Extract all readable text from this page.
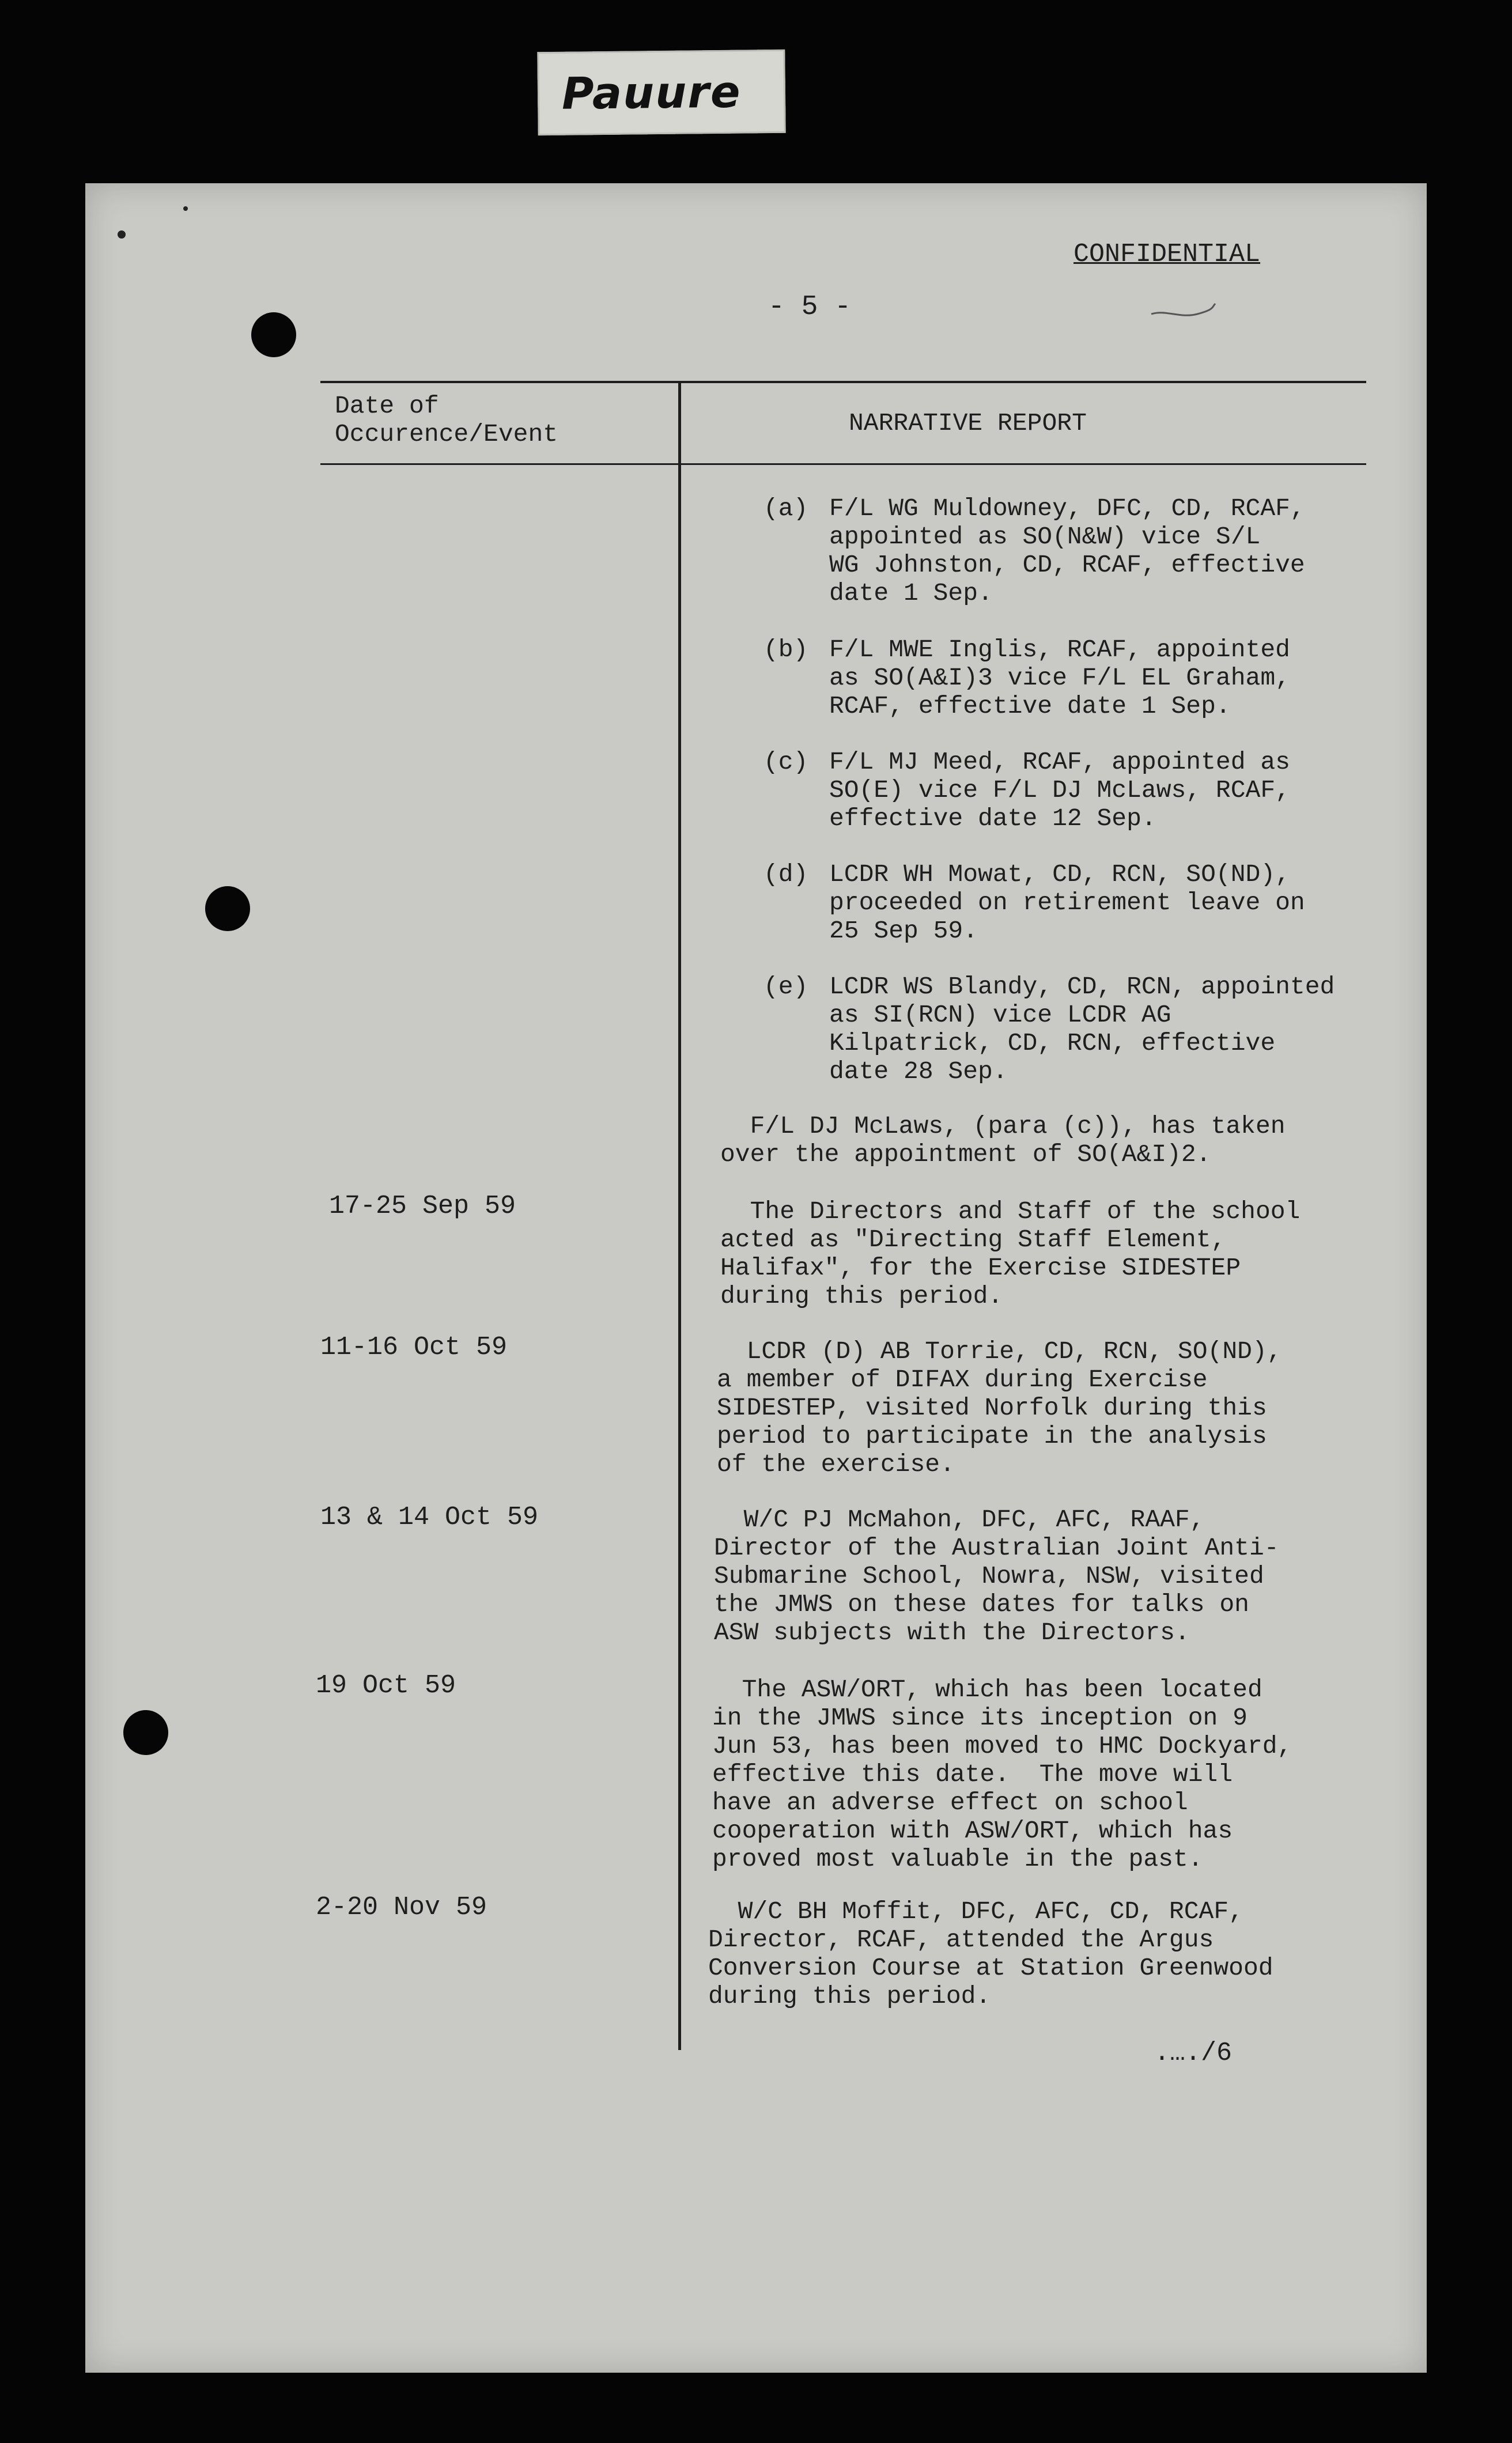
Pauure
CONFIDENTIAL
- 5 -
Date of
Occurence/Event	NARRATIVE REPORT
(a) F/L WG Muldowney, DFC, CD, RCAF,
appointed as SO(N&W) vice S/L
WG Johnston, CD, RCAF, effective
date 1 Sep.
(b) F/L MWE Inglis, RCAF, appointed
as SO(A&I)3 vice F/L EL Graham,
RCAF, effective date 1 Sep.
(c) F/L MJ Meed, RCAF, appointed as
SO(E) vice F/L DJ McLaws, RCAF,
effective date 12 Sep.
(d) LCDR WH Mowat, CD, RCN, SO(ND),
proceeded on retirement leave on
25 Sep 59.
(e) LCDR WS Blandy, CD, RCN, appointed
as SI(RCN) vice LCDR AG
Kilpatrick, CD, RCN, effective
date 28 Sep.
F/L DJ McLaws, (para (c)), has taken
over the appointment of SO(A&I)2.
17-25 Sep 59	The Directors and Staff of the school
acted as "Directing Staff Element,
Halifax", for the Exercise SIDESTEP
during this period.
11-16 Oct 59	LCDR (D) AB Torrie, CD, RCN, SO(ND),
a member of DIFAX during Exercise
SIDESTEP, visited Norfolk during this
period to participate in the analysis
of the exercise.
13 & 14 Oct 59	W/C PJ McMahon, DFC, AFC, RAAF,
Director of the Australian Joint Anti-
Submarine School, Nowra, NSW, visited
the JMWS on these dates for talks on
ASW subjects with the Directors.
19 Oct 59	The ASW/ORT, which has been located
in the JMWS since its inception on 9
Jun 53, has been moved to HMC Dockyard,
effective this date.  The move will
have an adverse effect on school
cooperation with ASW/ORT, which has
proved most valuable in the past.
2-20 Nov 59	W/C BH Moffit, DFC, AFC, CD, RCAF,
Director, RCAF, attended the Argus
Conversion Course at Station Greenwood
during this period.
.…./6
